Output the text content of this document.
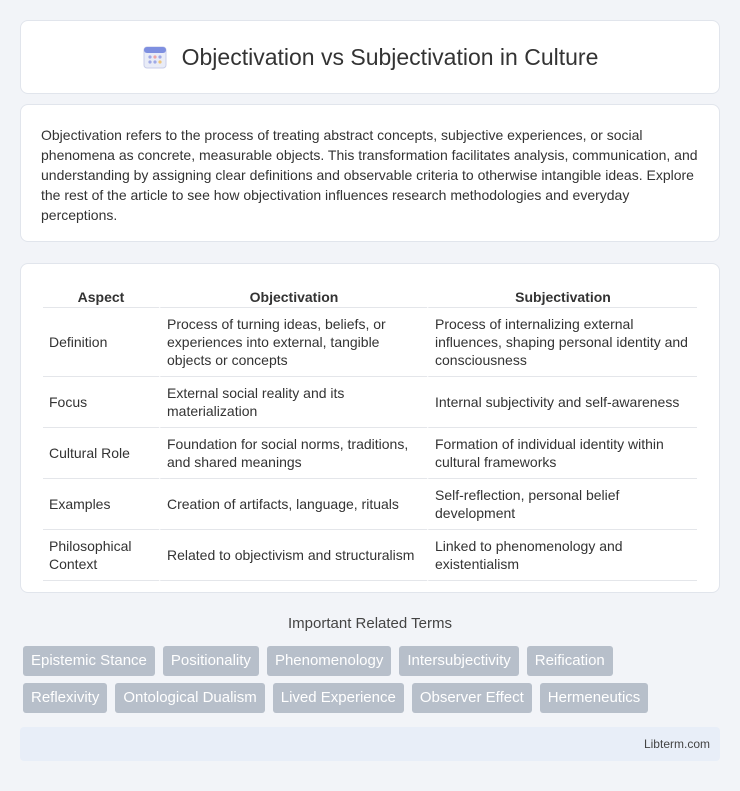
Objectivation vs Subjectivation in Culture

Objectivation refers to the process of treating abstract concepts, subjective experiences, or social phenomena as concrete, measurable objects. This transformation facilitates analysis, communication, and understanding by assigning clear definitions and observable criteria to otherwise intangible ideas. Explore the rest of the article to see how objectivation influences research methodologies and everyday perceptions.

Aspect	Objectivation	Subjectivation
Definition	Process of turning ideas, beliefs, or experiences into external, tangible objects or concepts	Process of internalizing external influences, shaping personal identity and consciousness
Focus	External social reality and its materialization	Internal subjectivity and self-awareness
Cultural Role	Foundation for social norms, traditions, and shared meanings	Formation of individual identity within cultural frameworks
Examples	Creation of artifacts, language, rituals	Self-reflection, personal belief development
Philosophical Context	Related to objectivism and structuralism	Linked to phenomenology and existentialism
Important Related Terms
Epistemic Stance	Positionality	Phenomenology	Intersubjectivity	Reification
Reflexivity	Ontological Dualism	Lived Experience	Observer Effect	Hermeneutics
Libterm.com
